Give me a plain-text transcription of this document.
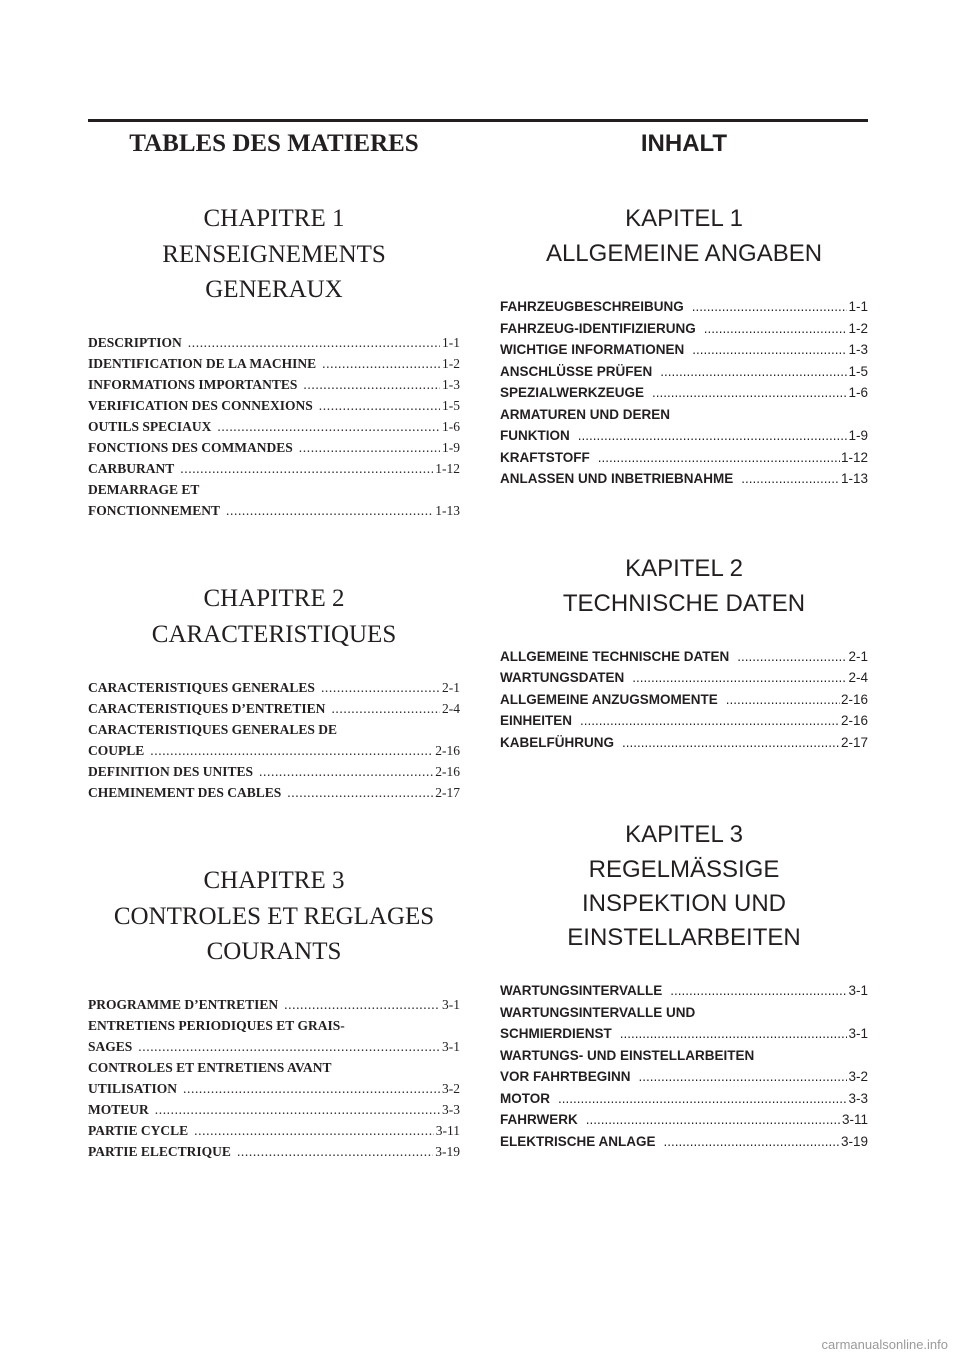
TABLES DES MATIERES
CHAPITRE 1
RENSEIGNEMENTS
GENERAUX
DESCRIPTION .....	1-1
IDENTIFICATION DE LA MACHINE .....	1-2
INFORMATIONS IMPORTANTES .....	1-3
VERIFICATION DES CONNEXIONS .....	1-5
OUTILS SPECIAUX .....	1-6
FONCTIONS DES COMMANDES .....	1-9
CARBURANT .....	1-12
DEMARRAGE ET
FONCTIONNEMENT .....	1-13
CHAPITRE 2
CARACTERISTIQUES
CARACTERISTIQUES GENERALES .....	2-1
CARACTERISTIQUES D’ENTRETIEN .....	2-4
CARACTERISTIQUES GENERALES DE
COUPLE .....	2-16
DEFINITION DES UNITES .....	2-16
CHEMINEMENT DES CABLES .....	2-17
CHAPITRE 3
CONTROLES ET REGLAGES
COURANTS
PROGRAMME D’ENTRETIEN .....	3-1
ENTRETIENS PERIODIQUES ET GRAIS-
SAGES .....	3-1
CONTROLES ET ENTRETIENS AVANT
UTILISATION .....	3-2
MOTEUR .....	3-3
PARTIE CYCLE .....	3-11
PARTIE ELECTRIQUE .....	3-19
INHALT
KAPITEL 1
ALLGEMEINE ANGABEN
FAHRZEUGBESCHREIBUNG .....	1-1
FAHRZEUG-IDENTIFIZIERUNG .....	1-2
WICHTIGE INFORMATIONEN .....	1-3
ANSCHLÜSSE PRÜFEN .....	1-5
SPEZIALWERKZEUGE .....	1-6
ARMATUREN UND DEREN
FUNKTION .....	1-9
KRAFTSTOFF .....	1-12
ANLASSEN UND INBETRIEBNAHME .....	1-13
KAPITEL 2
TECHNISCHE DATEN
ALLGEMEINE TECHNISCHE DATEN .....	2-1
WARTUNGSDATEN .....	2-4
ALLGEMEINE ANZUGSMOMENTE .....	2-16
EINHEITEN .....	2-16
KABELFÜHRUNG .....	2-17
KAPITEL 3
REGELMÄSSIGE
INSPEKTION UND
EINSTELLARBEITEN
WARTUNGSINTERVALLE .....	3-1
WARTUNGSINTERVALLE UND
SCHMIERDIENST .....	3-1
WARTUNGS- UND EINSTELLARBEITEN
VOR FAHRTBEGINN .....	3-2
MOTOR .....	3-3
FAHRWERK .....	3-11
ELEKTRISCHE ANLAGE .....	3-19
carmanualsonline.info
